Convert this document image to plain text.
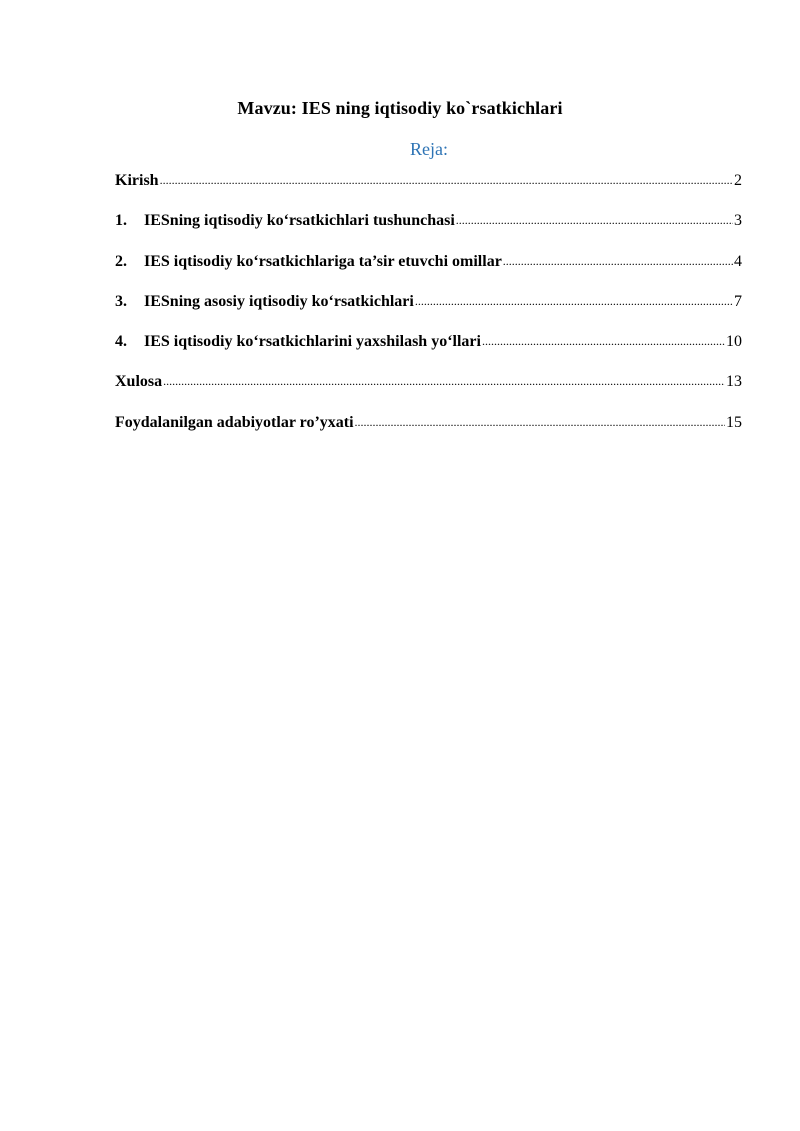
Mavzu: IES ning iqtisodiy ko`rsatkichlari
Reja:
Kirish .....	2
1.	IESning iqtisodiy ko‘rsatkichlari tushunchasi .....	3
2.	IES iqtisodiy ko‘rsatkichlariga ta’sir etuvchi omillar .....	4
3.	IESning asosiy iqtisodiy ko‘rsatkichlari .....	7
4.	IES iqtisodiy ko‘rsatkichlarini yaxshilash yo‘llari .....	10
Xulosa .....	13
Foydalanilgan adabiyotlar ro’yxati .....	15
